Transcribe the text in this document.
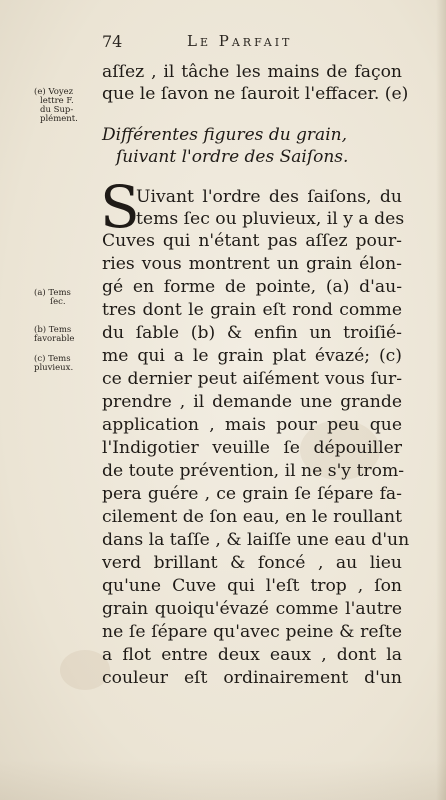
74	Le Parfait
aſſez , il tâche les mains de façon
que le ſavon ne ſauroit l'effacer. (e)
(e) Voyez
lettre F.
du Sup-
plément.
Différentes figures du grain,
ſuivant l'ordre des Saiſons.
S
Uivant l'ordre des ſaiſons, du
tems ſec ou pluvieux, il y a des
Cuves qui n'étant pas aſſez pour-
ries vous montrent un grain élon-
gé en forme de pointe, (a) d'au-
tres dont le grain eſt rond comme
du ſable (b) & enfin un troiſié-
me qui a le grain plat évazé; (c)
ce dernier peut aiſément vous ſur-
prendre , il demande une grande
application , mais pour peu que
l'Indigotier veuille ſe dépouiller
de toute prévention, il ne s'y trom-
pera guére , ce grain ſe ſépare fa-
cilement de ſon eau, en le roullant
dans la taſſe , & laiſſe une eau d'un
verd brillant & foncé , au lieu
qu'une Cuve qui l'eſt trop , ſon
grain quoiqu'évazé comme l'autre
ne ſe ſépare qu'avec peine & reſte
a flot entre deux eaux , dont la
couleur eſt ordinairement d'un
(a) Tems
ſec.
(b) Tems
favorable
(c) Tems
pluvieux.
